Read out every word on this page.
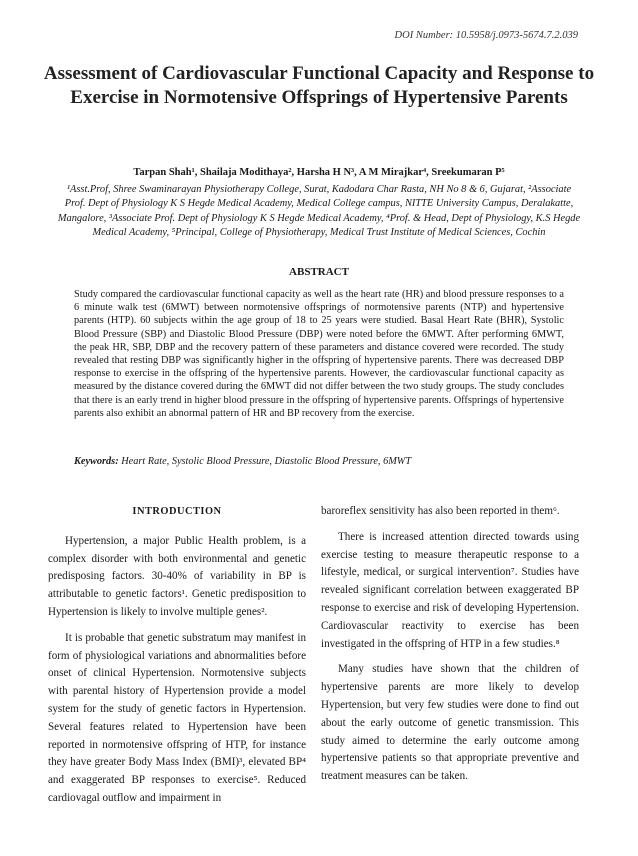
DOI Number: 10.5958/j.0973-5674.7.2.039
Assessment of Cardiovascular Functional Capacity and Response to Exercise in Normotensive Offsprings of Hypertensive Parents
Tarpan Shah¹, Shailaja Modithaya², Harsha H N³, A M Mirajkar⁴, Sreekumaran P⁵
¹Asst.Prof, Shree Swaminarayan Physiotherapy College, Surat, Kadodara Char Rasta, NH No 8 & 6, Gujarat, ²Associate Prof. Dept of Physiology K S Hegde Medical Academy, Medical College campus, NITTE University Campus, Deralakatte, Mangalore, ³Associate Prof. Dept of Physiology K S Hegde Medical Academy, ⁴Prof. & Head, Dept of Physiology, K.S Hegde Medical Academy, ⁵Principal, College of Physiotherapy, Medical Trust Institute of Medical Sciences, Cochin
ABSTRACT
Study compared the cardiovascular functional capacity as well as the heart rate (HR) and blood pressure responses to a 6 minute walk test (6MWT) between normotensive offsprings of normotensive parents (NTP) and hypertensive parents (HTP). 60 subjects within the age group of 18 to 25 years were studied. Basal Heart Rate (BHR), Systolic Blood Pressure (SBP) and Diastolic Blood Pressure (DBP) were noted before the 6MWT. After performing 6MWT, the peak HR, SBP, DBP and the recovery pattern of these parameters and distance covered were recorded. The study revealed that resting DBP was significantly higher in the offspring of hypertensive parents. There was decreased DBP response to exercise in the offspring of the hypertensive parents. However, the cardiovascular functional capacity as measured by the distance covered during the 6MWT did not differ between the two study groups. The study concludes that there is an early trend in higher blood pressure in the offspring of hypertensive parents. Offsprings of hypertensive parents also exhibit an abnormal pattern of HR and BP recovery from the exercise.
Keywords: Heart Rate, Systolic Blood Pressure, Diastolic Blood Pressure, 6MWT
INTRODUCTION

Hypertension, a major Public Health problem, is a complex disorder with both environmental and genetic predisposing factors. 30-40% of variability in BP is attributable to genetic factors¹. Genetic predisposition to Hypertension is likely to involve multiple genes².

It is probable that genetic substratum may manifest in form of physiological variations and abnormalities before onset of clinical Hypertension. Normotensive subjects with parental history of Hypertension provide a model system for the study of genetic factors in Hypertension. Several features related to Hypertension have been reported in normotensive offspring of HTP, for instance they have greater Body Mass Index (BMI)³, elevated BP⁴ and exaggerated BP responses to exercise⁵. Reduced cardiovagal outflow and impairment in

baroreflex sensitivity has also been reported in them⁶.

There is increased attention directed towards using exercise testing to measure therapeutic response to a lifestyle, medical, or surgical intervention⁷. Studies have revealed significant correlation between exaggerated BP response to exercise and risk of developing Hypertension. Cardiovascular reactivity to exercise has been investigated in the offspring of HTP in a few studies.⁸

Many studies have shown that the children of hypertensive parents are more likely to develop Hypertension, but very few studies were done to find out about the early outcome of genetic transmission. This study aimed to determine the early outcome among hypertensive patients so that appropriate preventive and treatment measures can be taken.
